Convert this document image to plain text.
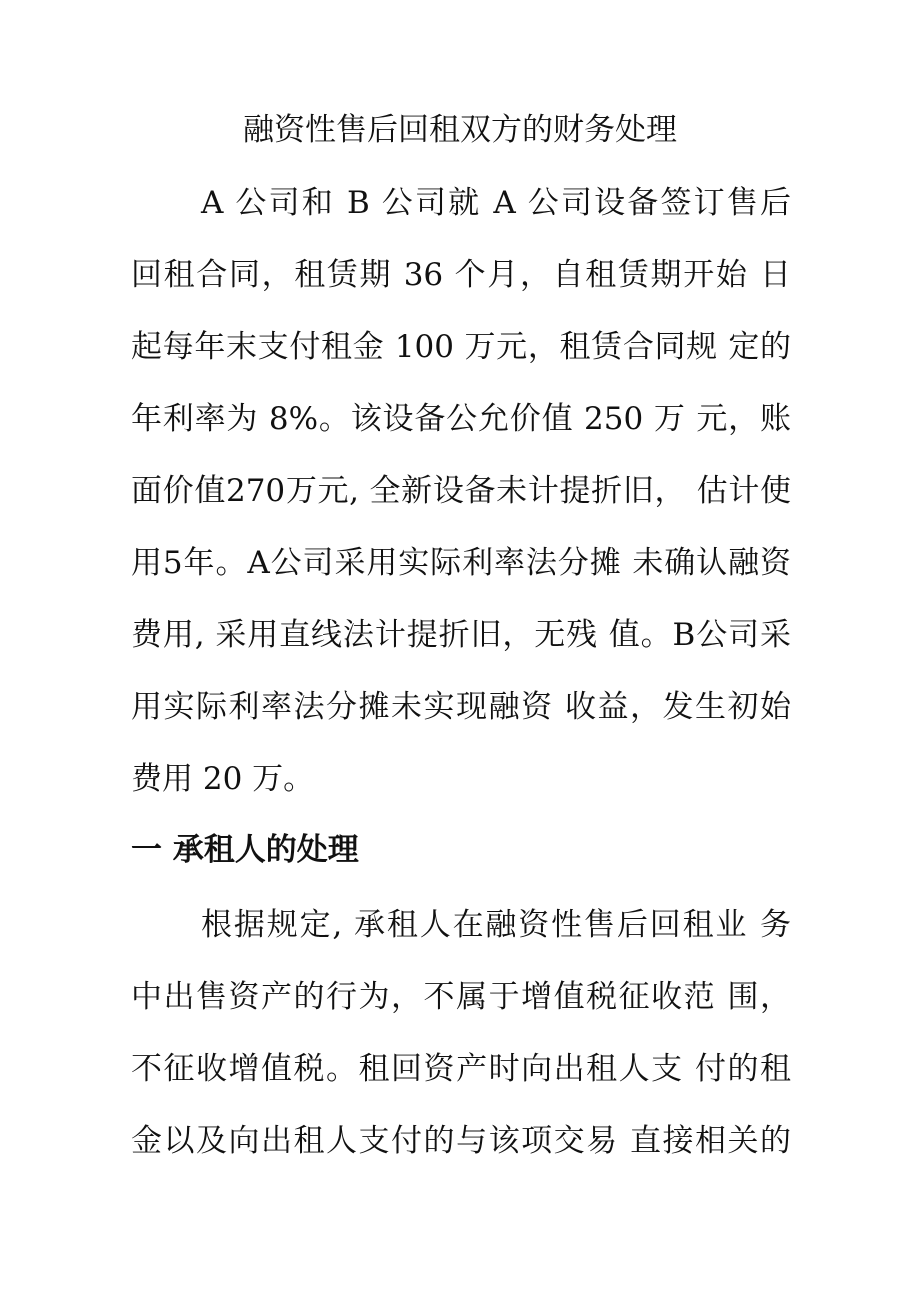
融资性售后回租双方的财务处理

A 公司和 B 公司就 A 公司设备签订售后

回租合同，租赁期 36 个月，自租赁期开始 日

起每年末支付租金 100 万元，租赁合同规 定的

年利率为 8%。该设备公允价值 250 万 元，账

面价值270万元, 全新设备未计提折旧， 估计使

用5年。A公司采用实际利率法分摊 未确认融资

费用, 采用直线法计提折旧，无残 值。B公司采

用实际利率法分摊未实现融资 收益，发生初始

费用 20 万。

一 承租人的处理

根据规定, 承租人在融资性售后回租业 务

中出售资产的行为，不属于增值税征收范 围，

不征收增值税。租回资产时向出租人支 付的租

金以及向出租人支付的与该项交易 直接相关的
